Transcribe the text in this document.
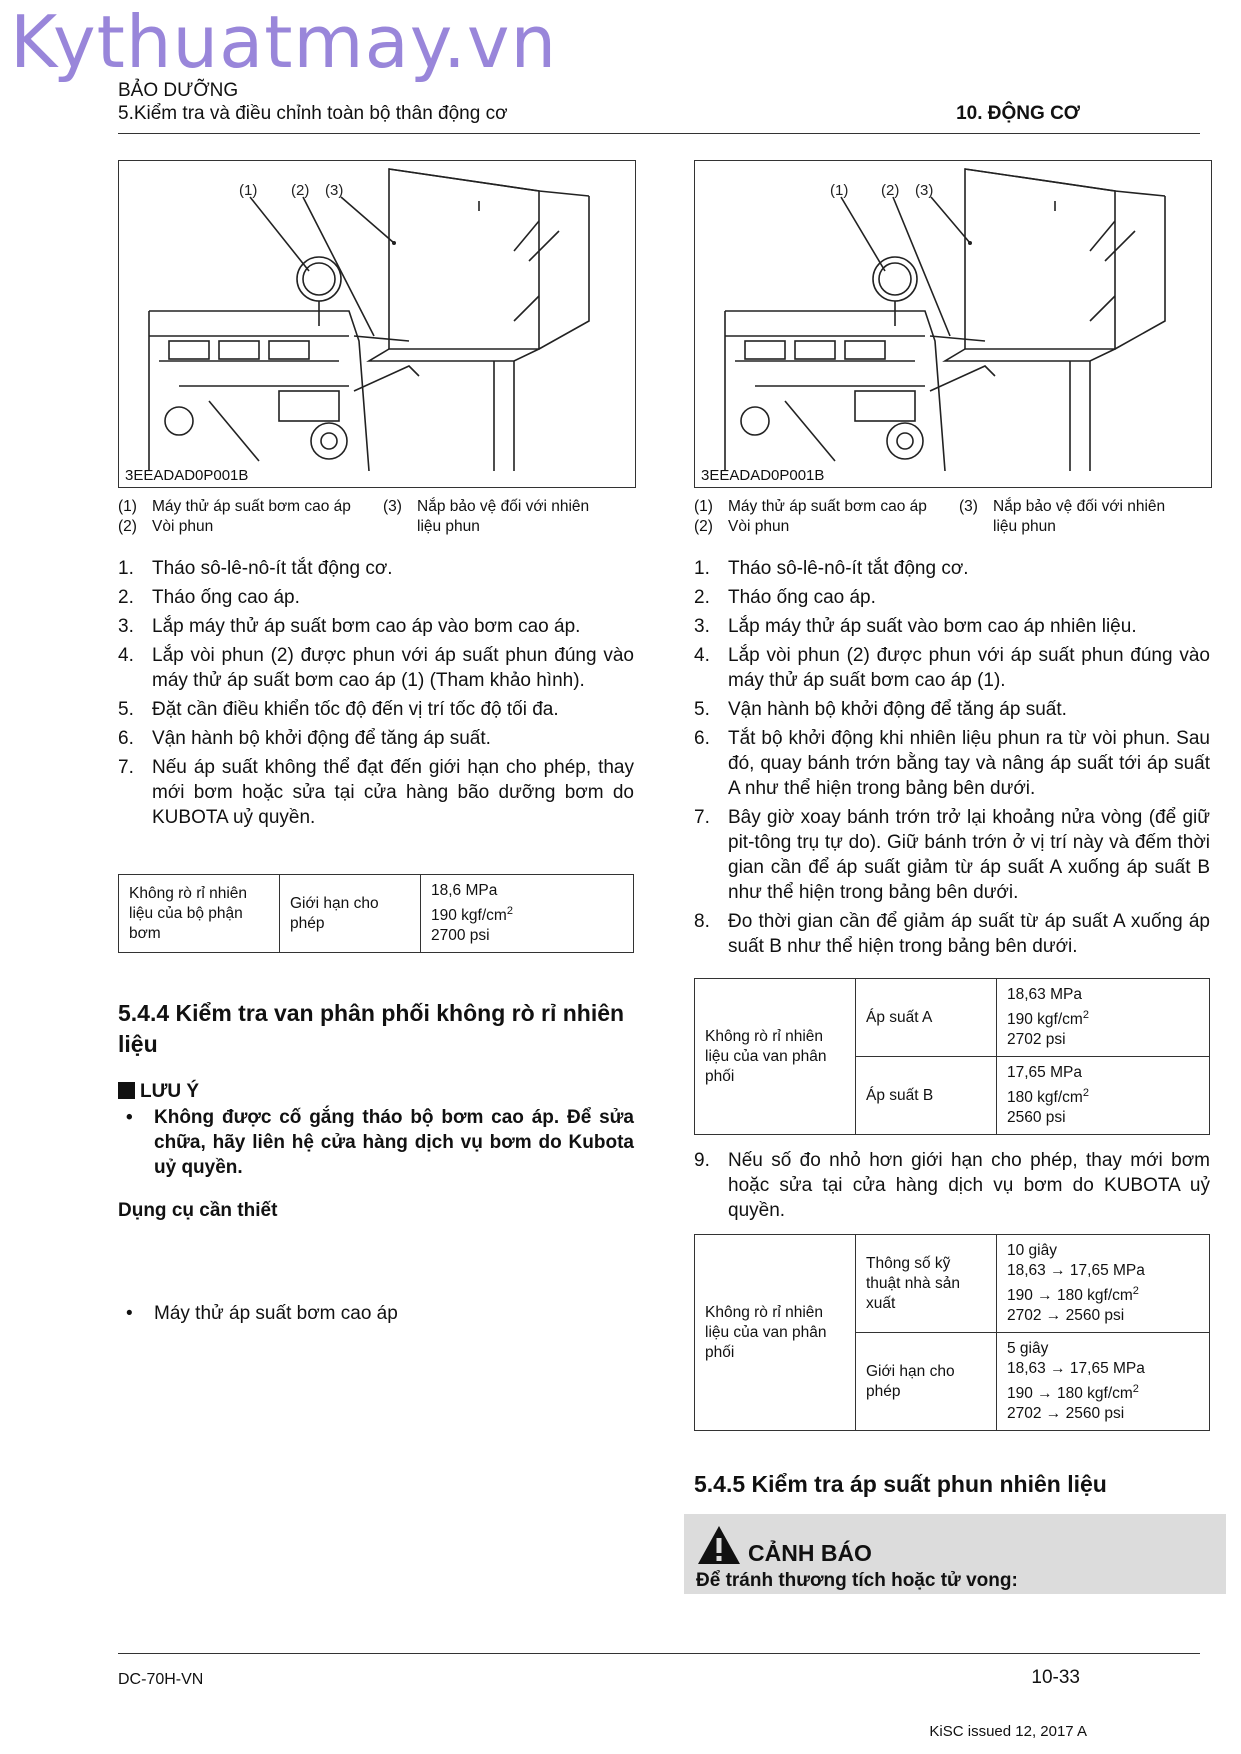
Kythuatmay.vn
BẢO DƯỠNG
5.Kiểm tra và điều chỉnh toàn bộ thân động cơ	10. ĐỘNG CƠ
(1) (2) (3)
3EEADAD0P001B
(1) Máy thử áp suất bơm cao áp
(2) Vòi phun
(3) Nắp bảo vệ đối với nhiên
liệu phun
1. Tháo sô-lê-nô-ít tắt động cơ.
2. Tháo ống cao áp.
3. Lắp máy thử áp suất bơm cao áp vào bơm cao áp.
4. Lắp vòi phun (2) được phun với áp suất phun đúng vào máy thử áp suất bơm cao áp (1) (Tham khảo hình).
5. Đặt cần điều khiển tốc độ đến vị trí tốc độ tối đa.
6. Vận hành bộ khởi động để tăng áp suất.
7. Nếu áp suất không thể đạt đến giới hạn cho phép, thay mới bơm hoặc sửa tại cửa hàng bão dưỡng bơm do KUBOTA uỷ quyền.
Không rò rỉ nhiên liệu của bộ phận bơm	Giới hạn cho phép	
18,6 MPa
190 kgf/$cm^2$
2700 psi
5.4.4 Kiểm tra van phân phối không rò rỉ nhiên liệu
LƯU Ý
• Không được cố gắng tháo bộ bơm cao áp. Để sửa chữa, hãy liên hệ cửa hàng dịch vụ bơm do Kubota uỷ quyền.
Dụng cụ cần thiết
• Máy thử áp suất bơm cao áp
(1) (2) (3)
3EEADAD0P001B
(1) Máy thử áp suất bơm cao áp
(2) Vòi phun
(3) Nắp bảo vệ đối với nhiên
liệu phun
1. Tháo sô-lê-nô-ít tắt động cơ.
2. Tháo ống cao áp.
3. Lắp máy thử áp suất vào bơm cao áp nhiên liệu.
4. Lắp vòi phun (2) được phun với áp suất phun đúng vào máy thử áp suất bơm cao áp (1).
5. Vận hành bộ khởi động để tăng áp suất.
6. Tắt bộ khởi động khi nhiên liệu phun ra từ vòi phun. Sau đó, quay bánh trớn bằng tay và nâng áp suất tới áp suất A như thể hiện trong bảng bên dưới.
7. Bây giờ xoay bánh trớn trở lại khoảng nửa vòng (để giữ pit-tông trụ tự do). Giữ bánh trớn ở vị trí này và đếm thời gian cần để áp suất giảm từ áp suất A xuống áp suất B như thể hiện trong bảng bên dưới.
8. Đo thời gian cần để giảm áp suất từ áp suất A xuống áp suất B như thể hiện trong bảng bên dưới.
Không rò rỉ nhiên liệu của van phân phối	Áp suất A	18,63 MPa
190 kgf/$cm^2$
2702 psi

	Áp suất B	17,65 MPa
180 kgf/$cm^2$
2560 psi
9. Nếu số đo nhỏ hơn giới hạn cho phép, thay mới bơm hoặc sửa tại cửa hàng dịch vụ bơm do KUBOTA uỷ quyền.
Không rò rỉ nhiên liệu của van phân phối	Thông số kỹ thuật nhà sản xuất	10 giây
18,63 → 17,65 MPa
190 → 180 kgf/$cm^2$
2702 → 2560 psi

	Giới hạn cho phép	5 giây
18,63 → 17,65 MPa
190 → 180 kgf/$cm^2$
2702 → 2560 psi
5.4.5 Kiểm tra áp suất phun nhiên liệu
CẢNH BÁO
Để tránh thương tích hoặc tử vong:
DC-70H-VN	10-33
KiSC issued 12, 2017 A
